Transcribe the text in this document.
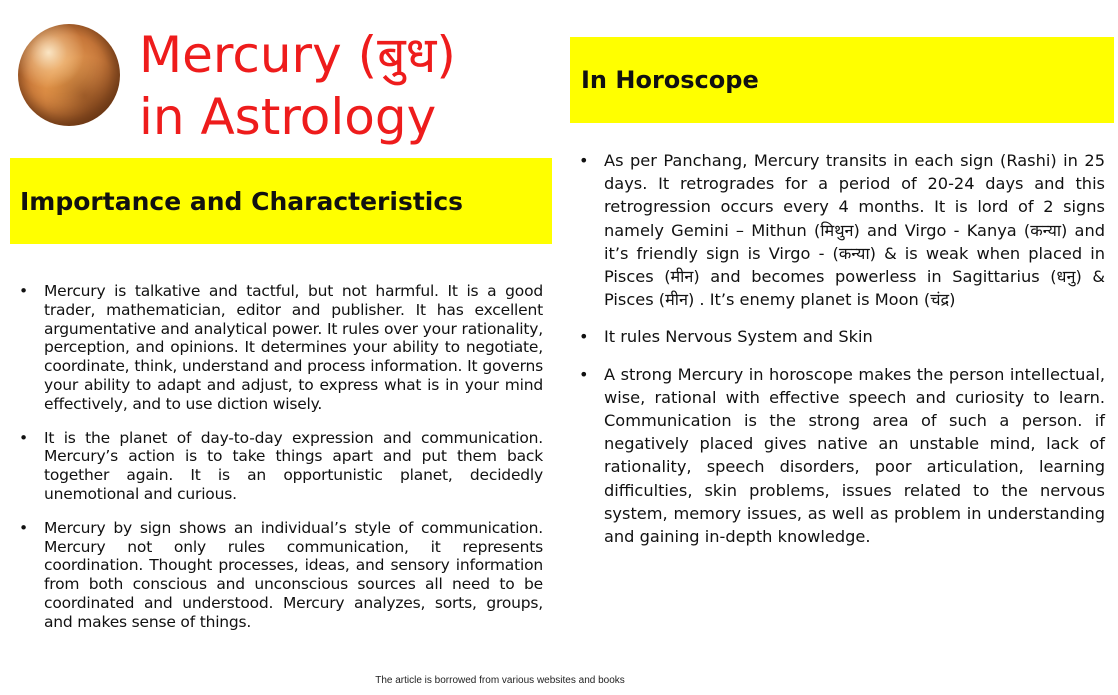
Mercury (बुध)
in Astrology
Importance and Characteristics
• Mercury is talkative and tactful, but not harmful. It is a good trader, mathematician, editor and publisher. It has excellent argumentative and analytical power. It rules over your rationality, perception, and opinions. It determines your ability to negotiate, coordinate, think, understand and process information. It governs your ability to adapt and adjust, to express what is in your mind effectively, and to use diction wisely.
• It is the planet of day-to-day expression and communication. Mercury’s action is to take things apart and put them back together again. It is an opportunistic planet, decidedly unemotional and curious.
• Mercury by sign shows an individual’s style of communication. Mercury not only rules communication, it represents coordination. Thought processes, ideas, and sensory information from both conscious and unconscious sources all need to be coordinated and understood. Mercury analyzes, sorts, groups, and makes sense of things.
In Horoscope
• As per Panchang, Mercury transits in each sign (Rashi) in 25 days. It retrogrades for a period of 20-24 days and this retrogression occurs every 4 months. It is lord of 2 signs namely Gemini – Mithun (मिथुन) and Virgo - Kanya (कन्या) and it’s friendly sign is Virgo - (कन्या) & is weak when placed in Pisces (मीन) and becomes powerless in Sagittarius (धनु) & Pisces (मीन) . It’s enemy planet is Moon (चंद्र)
• It rules Nervous System and Skin
• A strong Mercury in horoscope makes the person intellectual, wise, rational with effective speech and curiosity to learn. Communication is the strong area of such a person. if negatively placed gives native an unstable mind, lack of rationality, speech disorders, poor articulation, learning difficulties, skin problems, issues related to the nervous system, memory issues, as well as problem in understanding and gaining in-depth knowledge.
The article is borrowed from various websites and books
